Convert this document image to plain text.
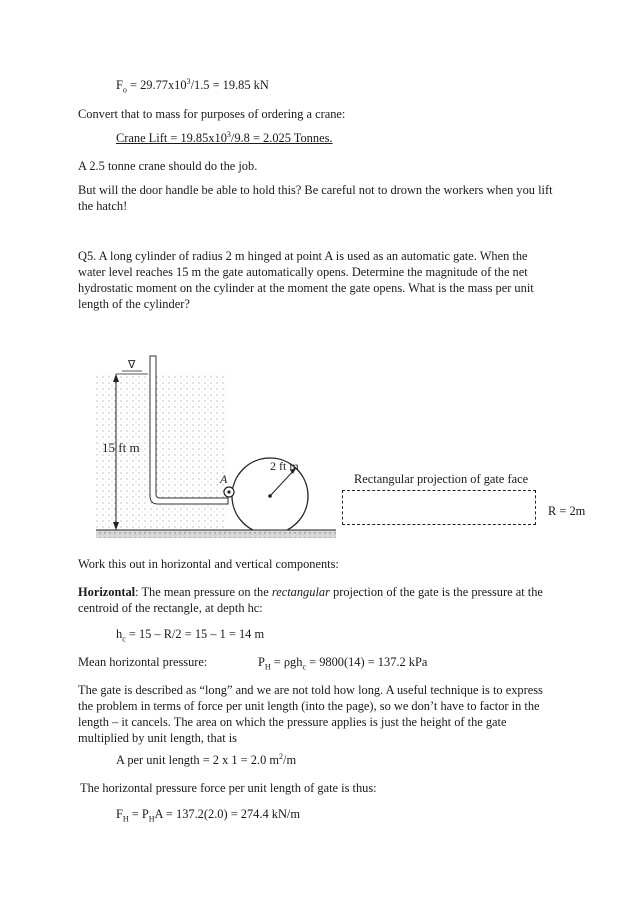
$F_o = 29.77x10^3/1.5 = 19.85$ kN
Convert that to mass for purposes of ordering a crane:
Crane Lift = $19.85x10^3/9.8 = 2.025$ Tonnes.
A 2.5 tonne crane should do the job.
But will the door handle be able to hold this? Be careful not to drown the workers when you lift the hatch!
Q5. A long cylinder of radius 2 m hinged at point A is used as an automatic gate. When the water level reaches 15 m the gate automatically opens. Determine the magnitude of the net hydrostatic moment on the cylinder at the moment the gate opens. What is the mass per unit length of the cylinder?
∇
15 ft m
2 ft m
A	Rectangular projection of gate face
R = 2m
Work this out in horizontal and vertical components:
Horizontal: The mean pressure on the rectangular projection of the gate is the pressure at the centroid of the rectangle, at depth hc:
$h_c = 15 - R/2 = 15 - 1 = 14$ m
Mean horizontal pressure:	$P_H = \rho gh_c = 9800(14) = 137.2$ kPa
The gate is described as “long” and we are not told how long. A useful technique is to express the problem in terms of force per unit length (into the page), so we don’t have to factor in the length – it cancels. The area on which the pressure applies is just the height of the gate multiplied by unit length, that is
A per unit length = 2 x 1 = 2.0 $m^2/m$
The horizontal pressure force per unit length of gate is thus:
$F_H = P_HA = 137.2(2.0) = 274.4$ kN/m
